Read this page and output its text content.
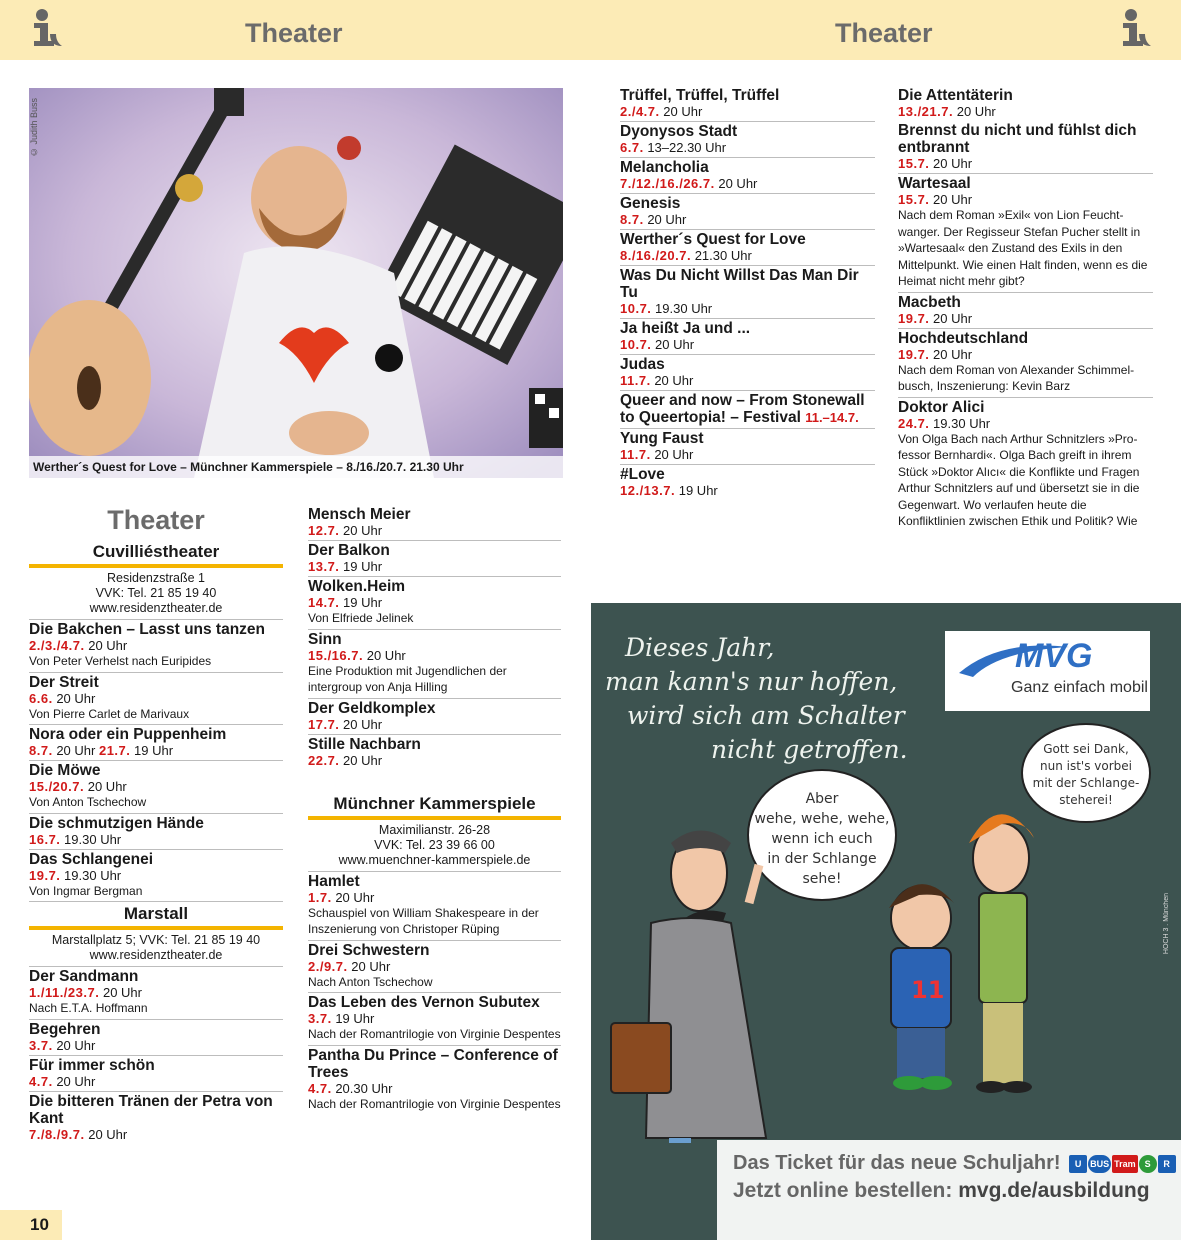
Theater	Theater
© Judith Buss
Werther´s Quest for Love – Münchner Kammerspiele – 8./16./20.7. 21.30 Uhr
Theater
Cuvilliéstheater
Residenzstraße 1
VVK: Tel. 21 85 19 40
www.residenztheater.de
Die Bakchen – Lasst uns tanzen
2./3./4.7. 20 Uhr
Von Peter Verhelst nach Euripides
Der Streit
6.6. 20 Uhr
Von Pierre Carlet de Marivaux
Nora oder ein Puppenheim
8.7. 20 Uhr 21.7. 19 Uhr
Die Möwe
15./20.7. 20 Uhr
Von Anton Tschechow
Die schmutzigen Hände
16.7. 19.30 Uhr
Das Schlangenei
19.7. 19.30 Uhr
Von Ingmar Bergman
Marstall
Marstallplatz 5; VVK: Tel. 21 85 19 40
www.residenztheater.de
Der Sandmann
1./11./23.7. 20 Uhr
Nach E.T.A. Hoffmann
Begehren
3.7. 20 Uhr
Für immer schön
4.7. 20 Uhr
Die bitteren Tränen der Petra von Kant
7./8./9.7. 20 Uhr
Mensch Meier
12.7. 20 Uhr
Der Balkon
13.7. 19 Uhr
Wolken.Heim
14.7. 19 Uhr
Von Elfriede Jelinek
Sinn
15./16.7. 20 Uhr
Eine Produktion mit Jugendlichen der intergroup von Anja Hilling
Der Geldkomplex
17.7. 20 Uhr
Stille Nachbarn
22.7. 20 Uhr
Münchner Kammerspiele
Maximilianstr. 26-28
VVK: Tel. 23 39 66 00
www.muenchner-kammerspiele.de
Hamlet
1.7. 20 Uhr
Schauspiel von William Shakespeare in der Inszenierung von Christoper Rüping
Drei Schwestern
2./9.7. 20 Uhr
Nach Anton Tschechow
Das Leben des Vernon Subutex
3.7. 19 Uhr
Nach der Romantrilogie von Virginie Despentes
Pantha Du Prince – Conference of Trees
4.7. 20.30 Uhr
Nach der Romantrilogie von Virginie Despentes
Trüffel, Trüffel, Trüffel
2./4.7. 20 Uhr
Dyonysos Stadt
6.7. 13–22.30 Uhr
Melancholia
7./12./16./26.7. 20 Uhr
Genesis
8.7. 20 Uhr
Werther´s Quest for Love
8./16./20.7. 21.30 Uhr
Was Du Nicht Willst Das Man Dir Tu
10.7. 19.30 Uhr
Ja heißt Ja und ...
10.7. 20 Uhr
Judas
11.7. 20 Uhr
Queer and now – From Stonewall to Queertopia! – Festival 11.–14.7.
Yung Faust
11.7. 20 Uhr
#Love
12./13.7. 19 Uhr
Die Attentäterin
13./21.7. 20 Uhr
Brennst du nicht und fühlst dich entbrannt
15.7. 20 Uhr
Wartesaal
15.7. 20 Uhr
Nach dem Roman »Exil« von Lion Feuchtwanger. Der Regisseur Stefan Pucher stellt in »Wartesaal« den Zustand des Exils in den Mittelpunkt. Wie einen Halt finden, wenn es die Heimat nicht mehr gibt?
Macbeth
19.7. 20 Uhr
Hochdeutschland
19.7. 20 Uhr
Nach dem Roman von Alexander Schimmelbusch, Inszenierung: Kevin Barz
Doktor Alici
24.7. 19.30 Uhr
Von Olga Bach nach Arthur Schnitzlers »Professor Bernhardi«. Olga Bach greift in ihrem Stück »Doktor Alıcı« die Konflikte und Fragen Arthur Schnitzlers auf und übersetzt sie in die Gegenwart. Wo verlaufen heute die Konfliktlinien zwischen Ethik und Politik? Wie
Dieses Jahr,
man kann's nur hoffen,
wird sich am Schalter
nicht getroffen.
MVG
Ganz einfach mobil
Aber
wehe, wehe, wehe,
wenn ich euch
in der Schlange
sehe!
Gott sei Dank,
nun ist's vorbei
mit der Schlange-
steherei!
11
HOCH 3 . München
Das Ticket für das neue Schuljahr! U BUS Tram S R
Jetzt online bestellen: mvg.de/ausbildung
10
